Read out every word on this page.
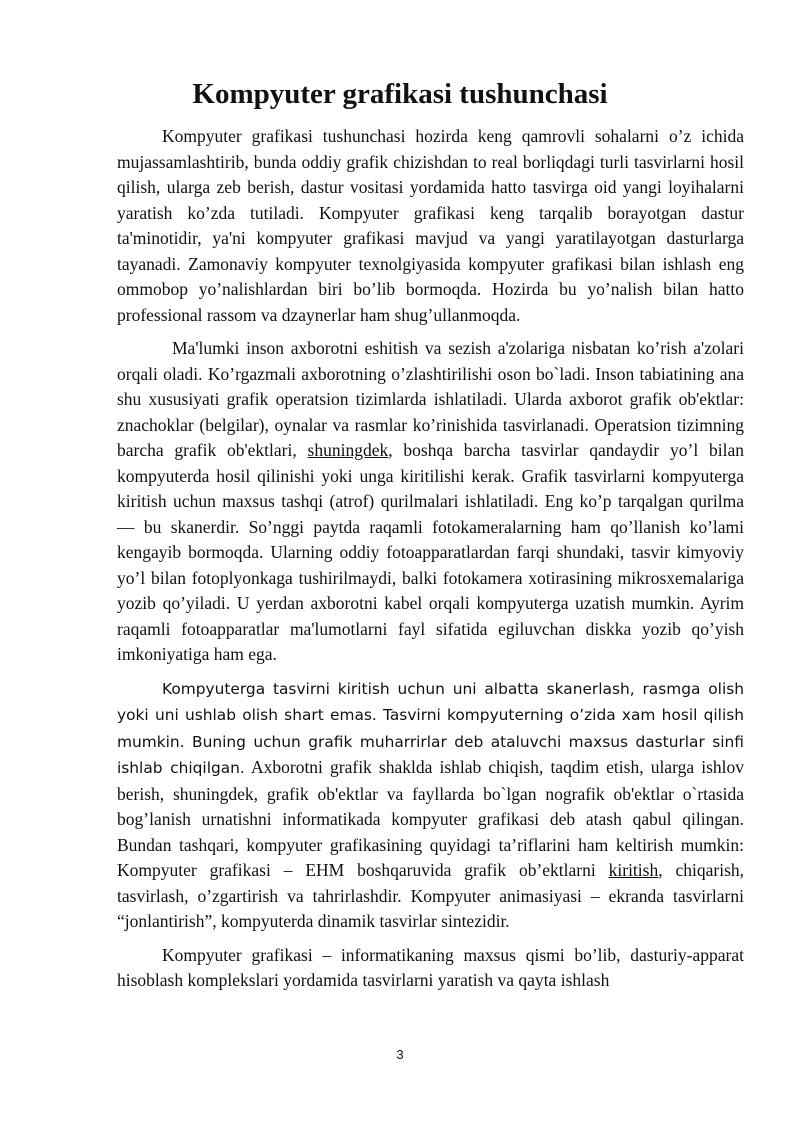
Kompyuter grafikasi tushunchasi

Kompyuter grafikasi tushunchasi hozirda keng qamrovli sohalarni o’z ichida mujassamlashtirib, bunda oddiy grafik chizishdan to real borliqdagi turli tasvirlarni hosil qilish, ularga zeb berish, dastur vositasi yordamida hatto tasvirga oid yangi loyihalarni yaratish ko’zda tutiladi. Kompyuter grafikasi keng tarqalib borayotgan dastur ta'minotidir, ya'ni kompyuter grafikasi mavjud va yangi yaratilayotgan dasturlarga tayanadi. Zamonaviy kompyuter texnolgiyasida kompyuter grafikasi bilan ishlash eng ommobop yo’nalishlardan biri bo’lib bormoqda. Hozirda bu yo’nalish bilan hatto professional rassom va dzaynerlar ham shug’ullanmoqda.

Ma'lumki inson axborotni eshitish va sezish a'zolariga nisbatan ko’rish a'zolari orqali oladi. Ko’rgazmali axborotning o’zlashtirilishi oson bo`ladi. Inson tabiatining ana shu xususiyati grafik operatsion tizimlarda ishlatiladi. Ularda axborot grafik ob'ektlar: znachoklar (belgilar), oynalar va rasmlar ko’rinishida tasvirlanadi. Operatsion tizimning barcha grafik ob'ektlari, shuningdek, boshqa barcha tasvirlar qandaydir yo’l bilan kompyuterda hosil qilinishi yoki unga kiritilishi kerak. Grafik tasvirlarni kompyuterga kiritish uchun maxsus tashqi (atrof) qurilmalari ishlatiladi. Eng ko’p tarqalgan qurilma — bu skanerdir. So’nggi paytda raqamli fotokameralarning ham qo’llanish ko’lami kengayib bormoqda. Ularning oddiy fotoapparatlardan farqi shundaki, tasvir kimyoviy yo’l bilan fotoplyonkaga tushirilmaydi, balki fotokamera xotirasining mikrosxemalariga yozib qo’yiladi. U yerdan axborotni kabel orqali kompyuterga uzatish mumkin. Ayrim raqamli fotoapparatlar ma'lumotlarni fayl sifatida egiluvchan diskka yozib qo’yish imkoniyatiga ham ega.

Kompyuterga tasvirni kiritish uchun uni albatta skanerlash, rasmga olish yoki uni ushlab olish shart emas. Tasvirni kompyuterning o’zida xam hosil qilish mumkin. Buning uchun grafik muharrirlar deb ataluvchi maxsus dasturlar sinfi ishlab chiqilgan. Axborotni grafik shaklda ishlab chiqish, taqdim etish, ularga ishlov berish, shuningdek, grafik ob'ektlar va fayllarda bo`lgan nografik ob'ektlar o`rtasida bog’lanish urnatishni informatikada kompyuter grafikasi deb atash qabul qilingan. Bundan tashqari, kompyuter grafikasining quyidagi ta’riflarini ham keltirish mumkin: Kompyuter grafikasi – EHM boshqaruvida grafik ob’ektlarni kiritish, chiqarish, tasvirlash, o’zgartirish va tahrirlashdir. Kompyuter animasiyasi – ekranda tasvirlarni “jonlantirish”, kompyuterda dinamik tasvirlar sintezidir.

Kompyuter grafikasi – informatikaning maxsus qismi bo’lib, dasturiy-apparat hisoblash komplekslari yordamida tasvirlarni yaratish va qayta ishlash

3
